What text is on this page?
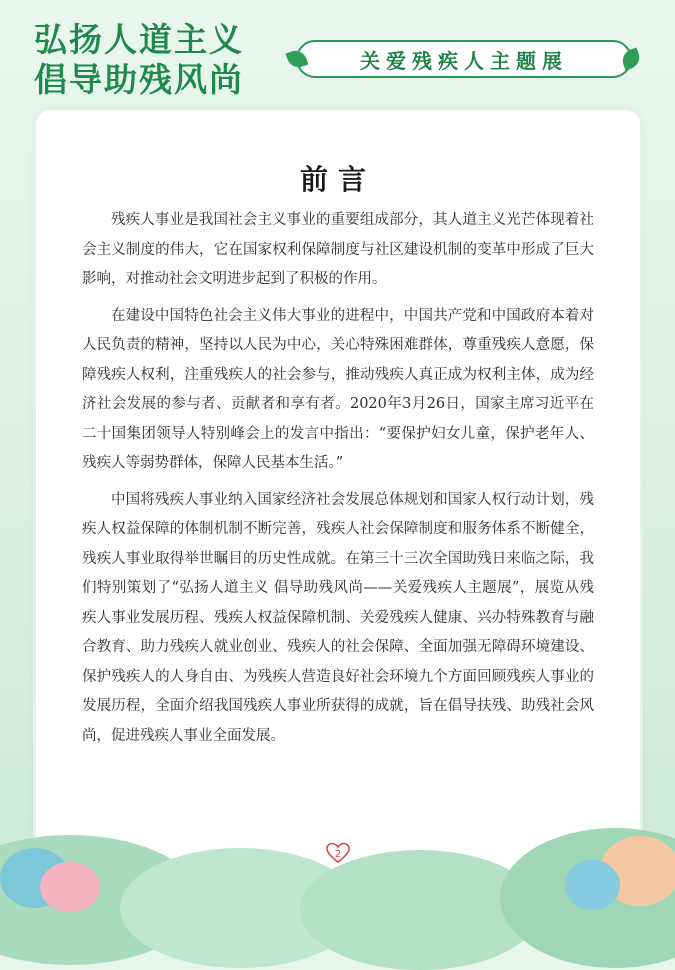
弘扬人道主义
倡导助残风尚	关爱残疾人主题展
前言

残疾人事业是我国社会主义事业的重要组成部分，其人道主义光芒体现着社会主义制度的伟大，它在国家权利保障制度与社区建设机制的变革中形成了巨大影响，对推动社会文明进步起到了积极的作用。

在建设中国特色社会主义伟大事业的进程中，中国共产党和中国政府本着对人民负责的精神，坚持以人民为中心，关心特殊困难群体，尊重残疾人意愿，保障残疾人权利，注重残疾人的社会参与，推动残疾人真正成为权利主体，成为经济社会发展的参与者、贡献者和享有者。2020年3月26日，国家主席习近平在二十国集团领导人特别峰会上的发言中指出：“要保护妇女儿童，保护老年人、残疾人等弱势群体，保障人民基本生活。”

中国将残疾人事业纳入国家经济社会发展总体规划和国家人权行动计划，残疾人权益保障的体制机制不断完善，残疾人社会保障制度和服务体系不断健全，残疾人事业取得举世瞩目的历史性成就。在第三十三次全国助残日来临之际，我们特别策划了“弘扬人道主义 倡导助残风尚——关爱残疾人主题展”，展览从残疾人事业发展历程、残疾人权益保障机制、关爱残疾人健康、兴办特殊教育与融合教育、助力残疾人就业创业、残疾人的社会保障、全面加强无障碍环境建设、保护残疾人的人身自由、为残疾人营造良好社会环境九个方面回顾残疾人事业的发展历程，全面介绍我国残疾人事业所获得的成就，旨在倡导扶残、助残社会风尚，促进残疾人事业全面发展。

2
